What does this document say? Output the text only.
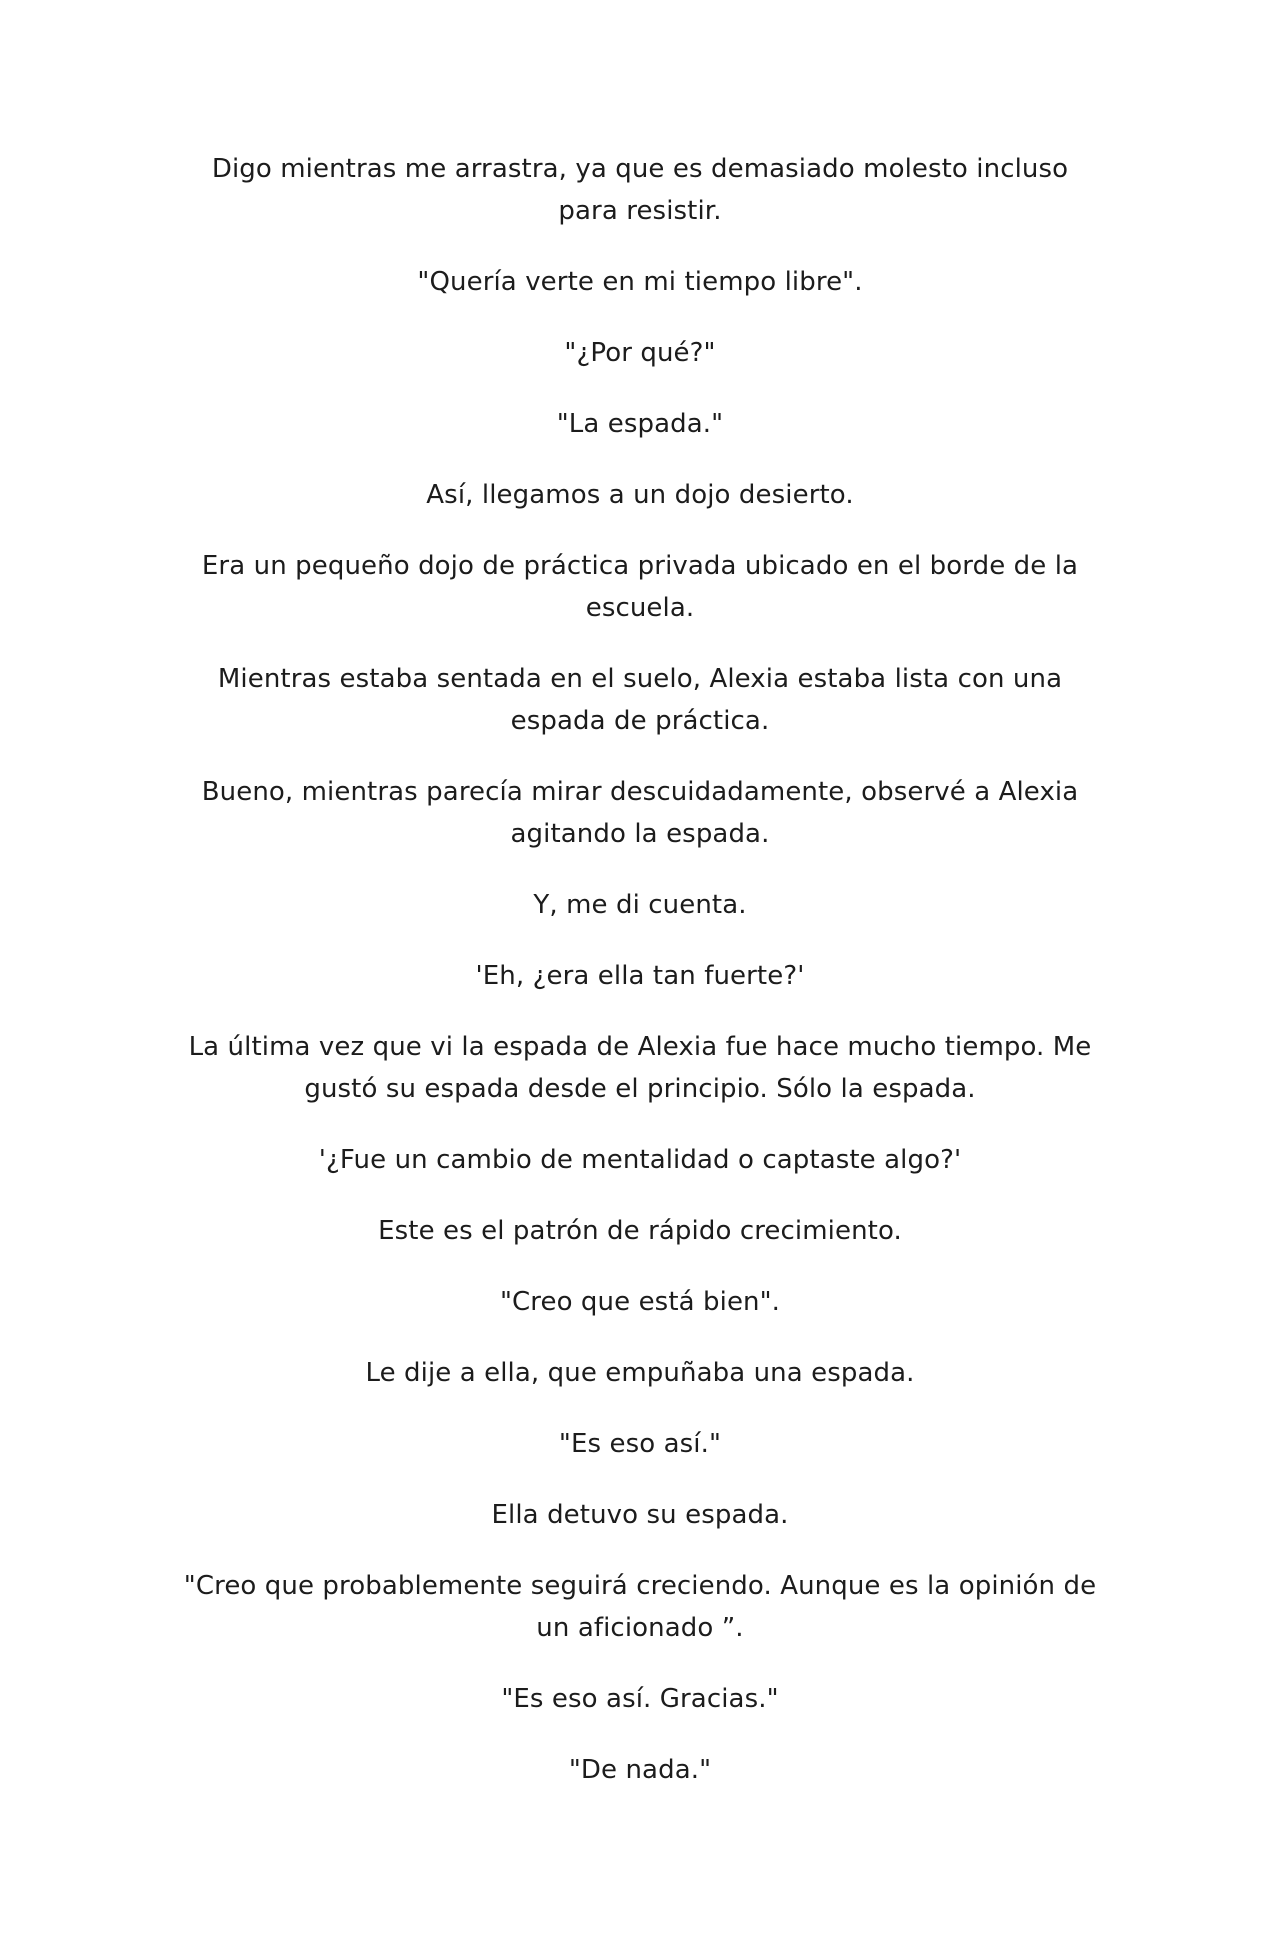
Digo mientras me arrastra, ya que es demasiado molesto incluso para resistir.

"Quería verte en mi tiempo libre".

"¿Por qué?"

"La espada."

Así, llegamos a un dojo desierto.

Era un pequeño dojo de práctica privada ubicado en el borde de la escuela.

Mientras estaba sentada en el suelo, Alexia estaba lista con una espada de práctica.

Bueno, mientras parecía mirar descuidadamente, observé a Alexia agitando la espada.

Y, me di cuenta.

'Eh, ¿era ella tan fuerte?'

La última vez que vi la espada de Alexia fue hace mucho tiempo. Me gustó su espada desde el principio. Sólo la espada.

'¿Fue un cambio de mentalidad o captaste algo?'

Este es el patrón de rápido crecimiento.

"Creo que está bien".

Le dije a ella, que empuñaba una espada.

"Es eso así."

Ella detuvo su espada.

"Creo que probablemente seguirá creciendo. Aunque es la opinión de un aficionado ”.

"Es eso así. Gracias."

"De nada."
